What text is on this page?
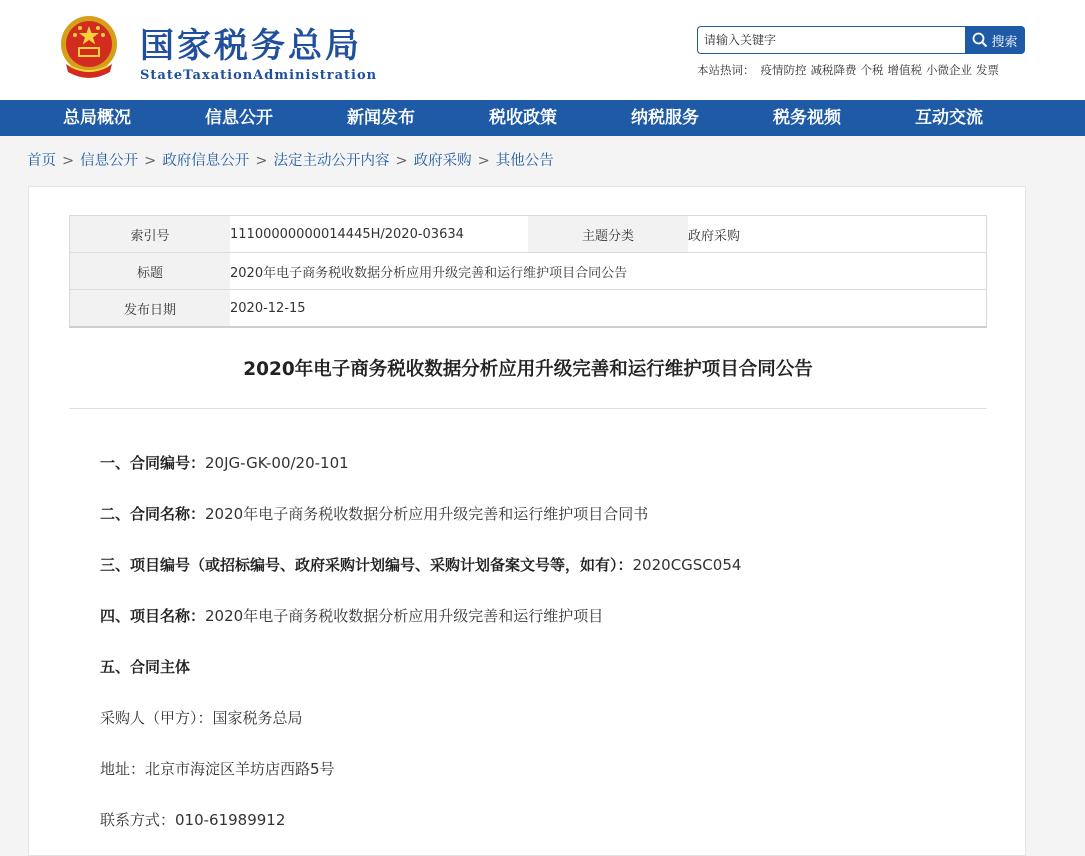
国家税务总局
StateTaxationAdministration
请输入关键字
搜索
本站热词： 疫情防控 减税降费 个税 增值税 小微企业 发票
总局概况	信息公开	新闻发布	税收政策	纳税服务	税务视频	互动交流
首页 > 信息公开 > 政府信息公开 > 法定主动公开内容 > 政府采购 > 其他公告
索引号	11100000000014445H/2020-03634	主题分类	政府采购
标题	2020年电子商务税收数据分析应用升级完善和运行维护项目合同公告		
发布日期	2020-12-15		
2020年电子商务税收数据分析应用升级完善和运行维护项目合同公告
一、合同编号：20JG-GK-00/20-101
二、合同名称：2020年电子商务税收数据分析应用升级完善和运行维护项目合同书
三、项目编号（或招标编号、政府采购计划编号、采购计划备案文号等，如有）：2020CGSC054
四、项目名称：2020年电子商务税收数据分析应用升级完善和运行维护项目
五、合同主体
采购人（甲方）：国家税务总局
地址：北京市海淀区羊坊店西路5号
联系方式：010-61989912
